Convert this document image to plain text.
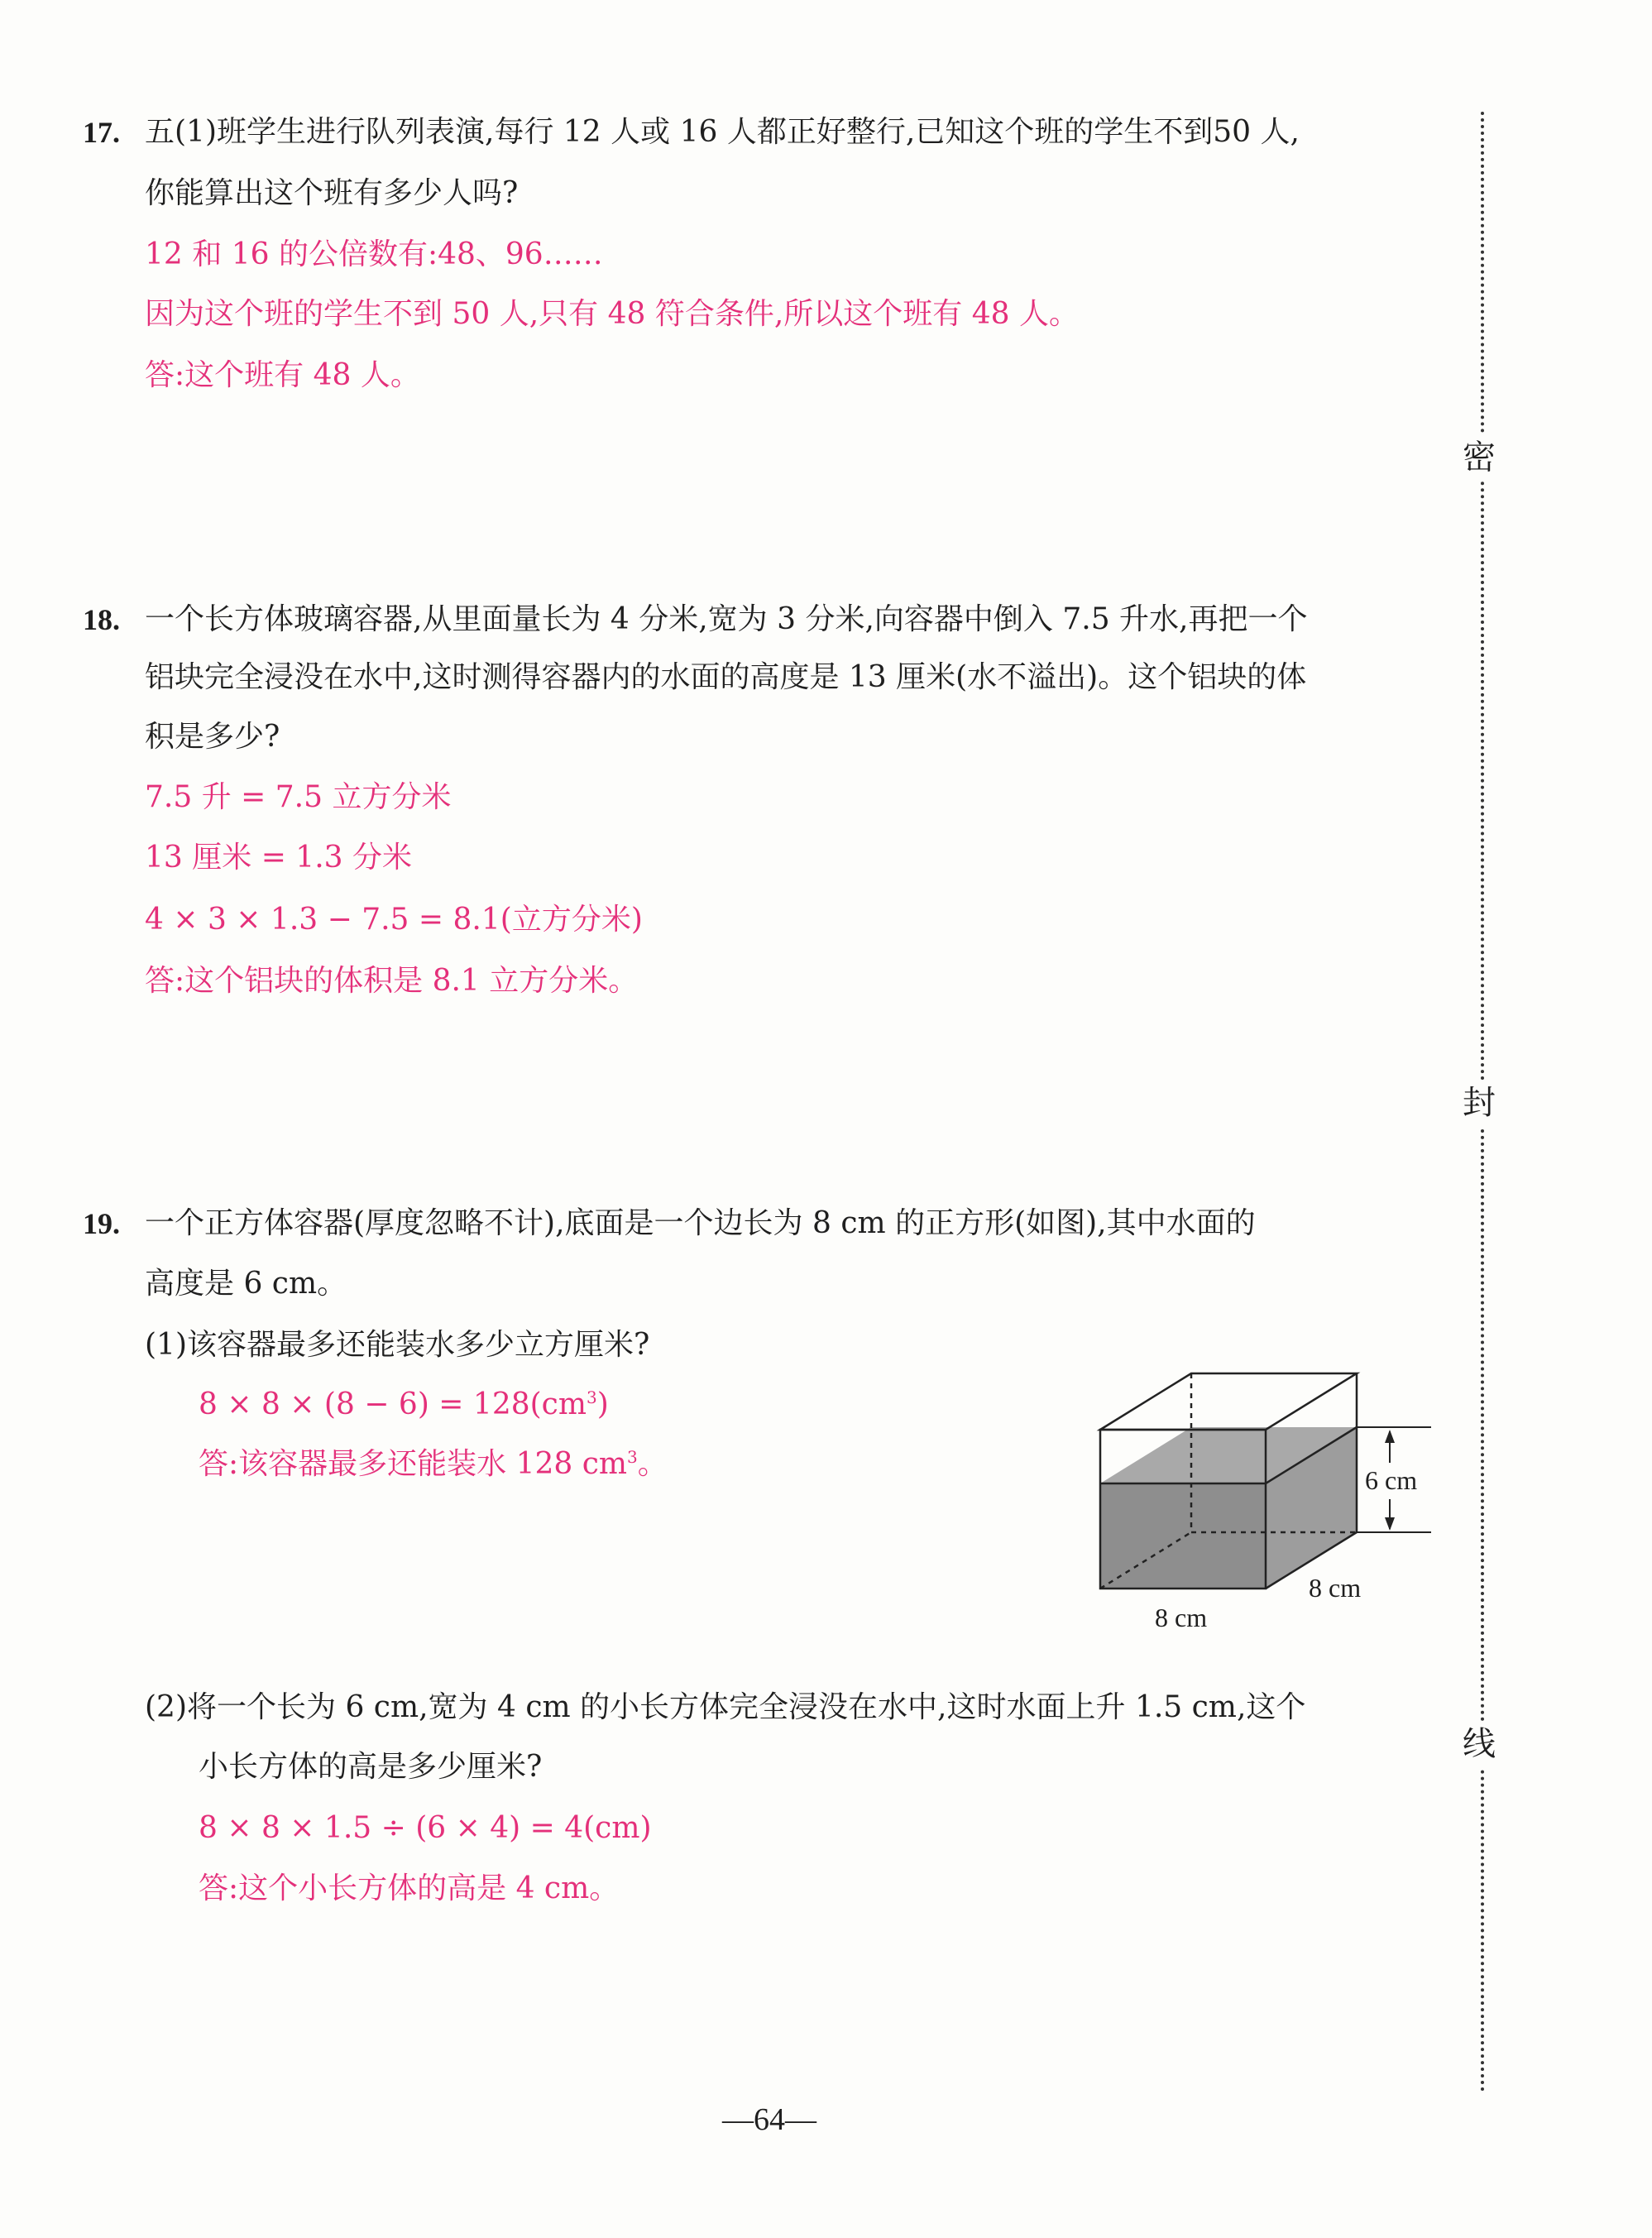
密
封
线
17. 五(1)班学生进行队列表演,每行 12 人或 16 人都正好整行,已知这个班的学生不到50 人,
你能算出这个班有多少人吗?
12 和 16 的公倍数有:48、96……
因为这个班的学生不到 50 人,只有 48 符合条件,所以这个班有 48 人。
答:这个班有 48 人。
18. 一个长方体玻璃容器,从里面量长为 4 分米,宽为 3 分米,向容器中倒入 7.5 升水,再把一个
铝块完全浸没在水中,这时测得容器内的水面的高度是 13 厘米(水不溢出)。这个铝块的体
积是多少?
7.5 升 = 7.5 立方分米
13 厘米 = 1.3 分米
4 × 3 × 1.3 − 7.5 = 8.1(立方分米)
答:这个铝块的体积是 8.1 立方分米。
19. 一个正方体容器(厚度忽略不计),底面是一个边长为 8 cm 的正方形(如图),其中水面的
高度是 6 cm。
(1)该容器最多还能装水多少立方厘米?
$8 \times 8 \times (8 - 6) = 128(cm^3)$
答:该容器最多还能装水 128 $cm^3$。
(2)将一个长为 6 cm,宽为 4 cm 的小长方体完全浸没在水中,这时水面上升 1.5 cm,这个
小长方体的高是多少厘米?
8 × 8 × 1.5 ÷ (6 × 4) = 4(cm)
答:这个小长方体的高是 4 cm。
6 cm
8 cm
8 cm
—64—
